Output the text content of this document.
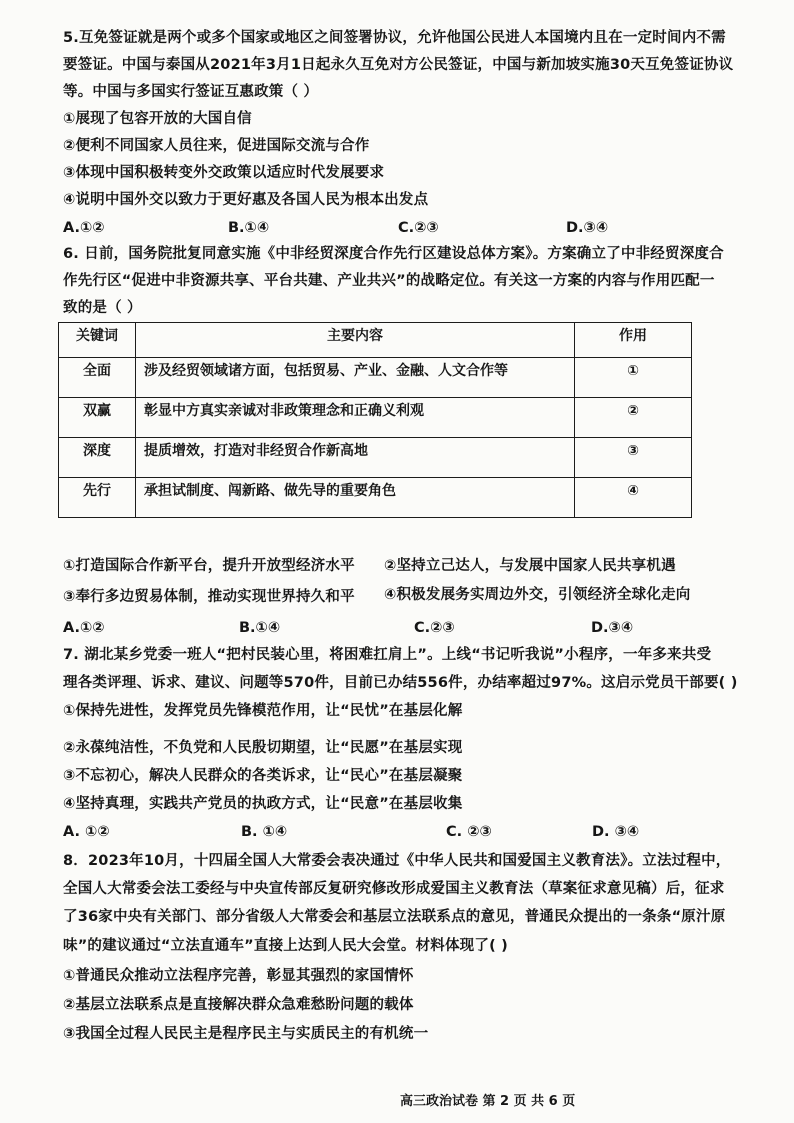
5.互免签证就是两个或多个国家或地区之间签署协议，允许他国公民进人本国境内且在一定时间内不需
要签证。中国与泰国从2021年3月1日起永久互免对方公民签证，中国与新加坡实施30天互免签证协议
等。中国与多国实行签证互惠政策（ ）
①展现了包容开放的大国自信
②便利不同国家人员往来，促进国际交流与合作
③体现中国积极转变外交政策以适应时代发展要求
④说明中国外交以致力于更好惠及各国人民为根本出发点
A.①②	B.①④	C.②③	D.③④
6. 日前，国务院批复同意实施《中非经贸深度合作先行区建设总体方案》。方案确立了中非经贸深度合
作先行区“促进中非资源共享、平台共建、产业共兴”的战略定位。有关这一方案的内容与作用匹配一
致的是（ ）
关键词	主要内容	作用
全面	涉及经贸领域诸方面，包括贸易、产业、金融、人文合作等	①
双赢	彰显中方真实亲诚对非政策理念和正确义利观	②
深度	提质增效，打造对非经贸合作新高地	③
先行	承担试制度、闯新路、做先导的重要角色	④
①打造国际合作新平台，提升开放型经济水平 ②坚持立己达人，与发展中国家人民共享机遇
③奉行多边贸易体制，推动实现世界持久和平 ④积极发展务实周边外交，引领经济全球化走向
A.①②	B.①④	C.②③	D.③④
7. 湖北某乡党委一班人“把村民装心里，将困难扛肩上”。上线“书记听我说”小程序，一年多来共受
理各类评理、诉求、建议、问题等570件，目前已办结556件，办结率超过97%。这启示党员干部要( )
①保持先进性，发挥党员先锋模范作用，让“民忧”在基层化解
②永葆纯洁性，不负党和人民殷切期望，让“民愿”在基层实现
③不忘初心，解决人民群众的各类诉求，让“民心”在基层凝聚
④坚持真理，实践共产党员的执政方式，让“民意”在基层收集
A. ①②	B. ①④	C. ②③	D. ③④
8．2023年10月，十四届全国人大常委会表决通过《中华人民共和国爱国主义教育法》。立法过程中，
全国人大常委会法工委经与中央宣传部反复研究修改形成爱国主义教育法（草案征求意见稿）后，征求
了36家中央有关部门、部分省级人大常委会和基层立法联系点的意见，普通民众提出的一条条“原汁原
味”的建议通过“立法直通车”直接上达到人民大会堂。材料体现了( )
①普通民众推动立法程序完善，彰显其强烈的家国情怀
②基层立法联系点是直接解决群众急难愁盼问题的载体
③我国全过程人民民主是程序民主与实质民主的有机统一
高三政治试卷 第 2 页 共 6 页
